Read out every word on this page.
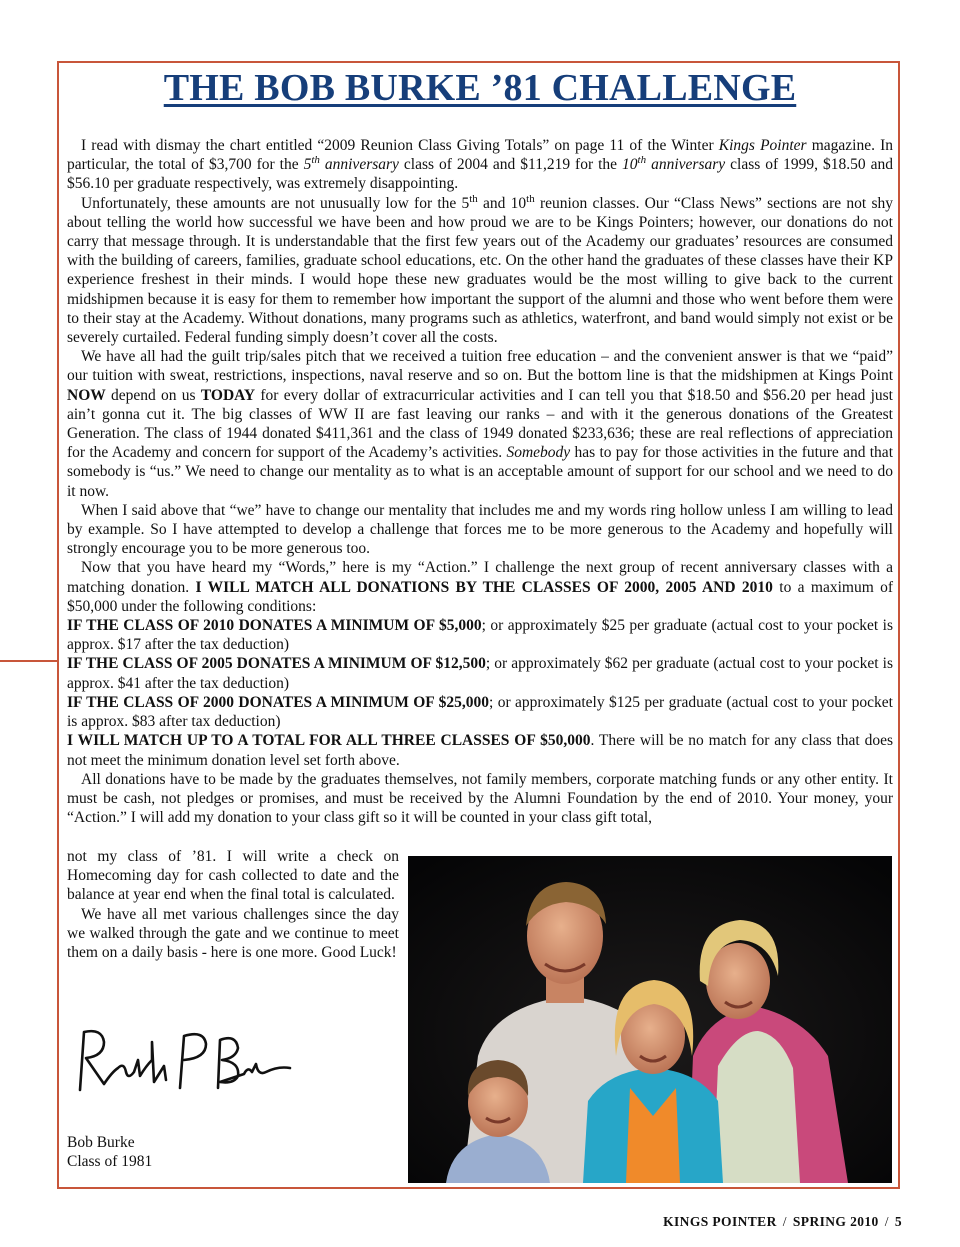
THE BOB BURKE ’81 CHALLENGE

I read with dismay the chart entitled “2009 Reunion Class Giving Totals” on page 11 of the Winter Kings Pointer magazine. In particular, the total of $3,700 for the 5th anniversary class of 2004 and $11,219 for the 10th anniversary class of 1999, $18.50 and $56.10 per graduate respectively, was extremely disappointing.

Unfortunately, these amounts are not unusually low for the 5th and 10th reunion classes. Our “Class News” sections are not shy about telling the world how successful we have been and how proud we are to be Kings Pointers; however, our donations do not carry that message through. It is understandable that the first few years out of the Academy our graduates’ resources are consumed with the building of careers, families, graduate school educations, etc. On the other hand the graduates of these classes have their KP experience freshest in their minds. I would hope these new graduates would be the most willing to give back to the current midshipmen because it is easy for them to remember how important the support of the alumni and those who went before them were to their stay at the Academy. Without donations, many programs such as athletics, waterfront, and band would simply not exist or be severely curtailed. Federal funding simply doesn’t cover all the costs.

We have all had the guilt trip/sales pitch that we received a tuition free education – and the convenient answer is that we “paid” our tuition with sweat, restrictions, inspections, naval reserve and so on. But the bottom line is that the midshipmen at Kings Point NOW depend on us TODAY for every dollar of extracurricular activities and I can tell you that $18.50 and $56.20 per head just ain’t gonna cut it. The big classes of WW II are fast leaving our ranks – and with it the generous donations of the Greatest Generation. The class of 1944 donated $411,361 and the class of 1949 donated $233,636; these are real reflections of appreciation for the Academy and concern for support of the Academy’s activities. Somebody has to pay for those activities in the future and that somebody is “us.” We need to change our mentality as to what is an acceptable amount of support for our school and we need to do it now.

When I said above that “we” have to change our mentality that includes me and my words ring hollow unless I am willing to lead by example. So I have attempted to develop a challenge that forces me to be more generous to the Academy and hopefully will strongly encourage you to be more generous too.

Now that you have heard my “Words,” here is my “Action.” I challenge the next group of recent anniversary classes with a matching donation. I WILL MATCH ALL DONATIONS BY THE CLASSES OF 2000, 2005 AND 2010 to a maximum of $50,000 under the following conditions:

IF THE CLASS OF 2010 DONATES A MINIMUM OF $5,000; or approximately $25 per graduate (actual cost to your pocket is approx. $17 after the tax deduction)

IF THE CLASS OF 2005 DONATES A MINIMUM OF $12,500; or approximately $62 per graduate (actual cost to your pocket is approx. $41 after the tax deduction)

IF THE CLASS OF 2000 DONATES A MINIMUM OF $25,000; or approximately $125 per graduate (actual cost to your pocket is approx. $83 after tax deduction)

I WILL MATCH UP TO A TOTAL FOR ALL THREE CLASSES OF $50,000. There will be no match for any class that does not meet the minimum donation level set forth above.

All donations have to be made by the graduates themselves, not family members, corporate matching funds or any other entity. It must be cash, not pledges or promises, and must be received by the Alumni Foundation by the end of 2010. Your money, your “Action.” I will add my donation to your class gift so it will be counted in your class gift total,

not my class of ’81. I will write a check on Homecoming day for cash collected to date and the balance at year end when the final total is calculated.

We have all met various challenges since the day we walked through the gate and we continue to meet them on a daily basis - here is one more. Good Luck!

Bob Burke
Class of 1981
KINGS POINTER / SPRING 2010 / 5
